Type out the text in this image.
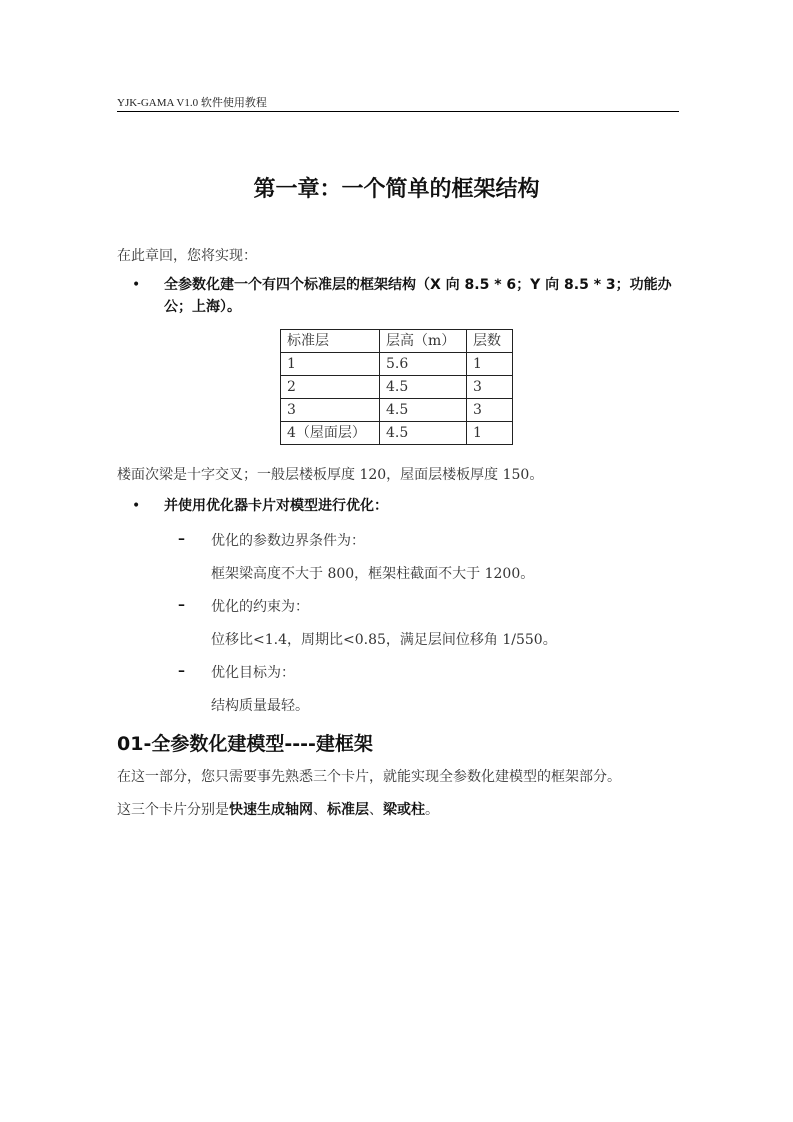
YJK-GAMA V1.0 软件使用教程
第一章：一个简单的框架结构
在此章回，您将实现：
• 全参数化建一个有四个标准层的框架结构（X 向 8.5 * 6；Y 向 8.5 * 3；功能办公；上海）。
标准层	层高（m）	层数
1	5.6	1
2	4.5	3
3	4.5	3
4（屋面层）	4.5	1
楼面次梁是十字交叉；一般层楼板厚度 120，屋面层楼板厚度 150。
• 并使用优化器卡片对模型进行优化：
– 优化的参数边界条件为：
框架梁高度不大于 800，框架柱截面不大于 1200。
– 优化的约束为：
位移比<1.4，周期比<0.85，满足层间位移角 1/550。
– 优化目标为：
结构质量最轻。
01-全参数化建模型----建框架
在这一部分，您只需要事先熟悉三个卡片，就能实现全参数化建模型的框架部分。
这三个卡片分别是快速生成轴网、标准层、梁或柱。
